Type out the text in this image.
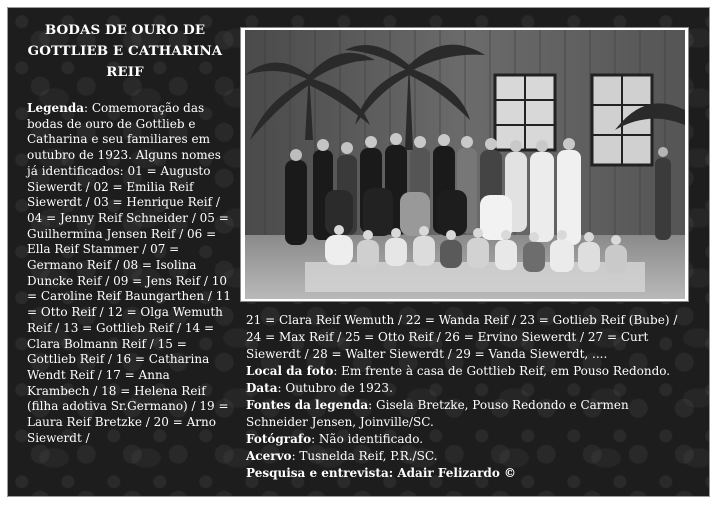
BODAS DE OURO DE
GOTTLIEB E CATHARINA
REIF
Legenda: Comemoração das bodas de ouro de Gottlieb e Catharina e seu familiares em outubro de 1923. Alguns nomes já identificados: 01 = Augusto Siewerdt / 02 = Emilia Reif Siewerdt / 03 = Henrique Reif / 04 = Jenny Reif Schneider / 05 = Guilhermina Jensen Reif / 06 = Ella Reif Stammer / 07 = Germano Reif / 08 = Isolina Duncke Reif / 09 = Jens Reif / 10 = Caroline Reif Baungarthen / 11 = Otto Reif / 12 = Olga Wemuth Reif / 13 = Gottlieb Reif / 14 = Clara Bolmann Reif / 15 = Gottlieb Reif / 16 = Catharina Wendt Reif / 17 = Anna Krambech / 18 = Helena Reif (filha adotiva Sr.Germano) / 19 = Laura Reif Bretzke / 20 = Arno Siewerdt /
21 = Clara Reif Wemuth / 22 = Wanda Reif / 23 = Gotlieb Reif (Bube) / 24 = Max Reif / 25 = Otto Reif / 26 = Ervino Siewerdt / 27 = Curt Siewerdt / 28 = Walter Siewerdt / 29 = Vanda Siewerdt, ....
Local da foto: Em frente à casa de Gottlieb Reif, em Pouso Redondo.
Data: Outubro de 1923.
Fontes da legenda: Gisela Bretzke, Pouso Redondo e Carmen Schneider Jensen, Joinville/SC.
Fotógrafo: Não identificado.
Acervo: Tusnelda Reif, P.R./SC.
Pesquisa e entrevista: Adair Felizardo ©
